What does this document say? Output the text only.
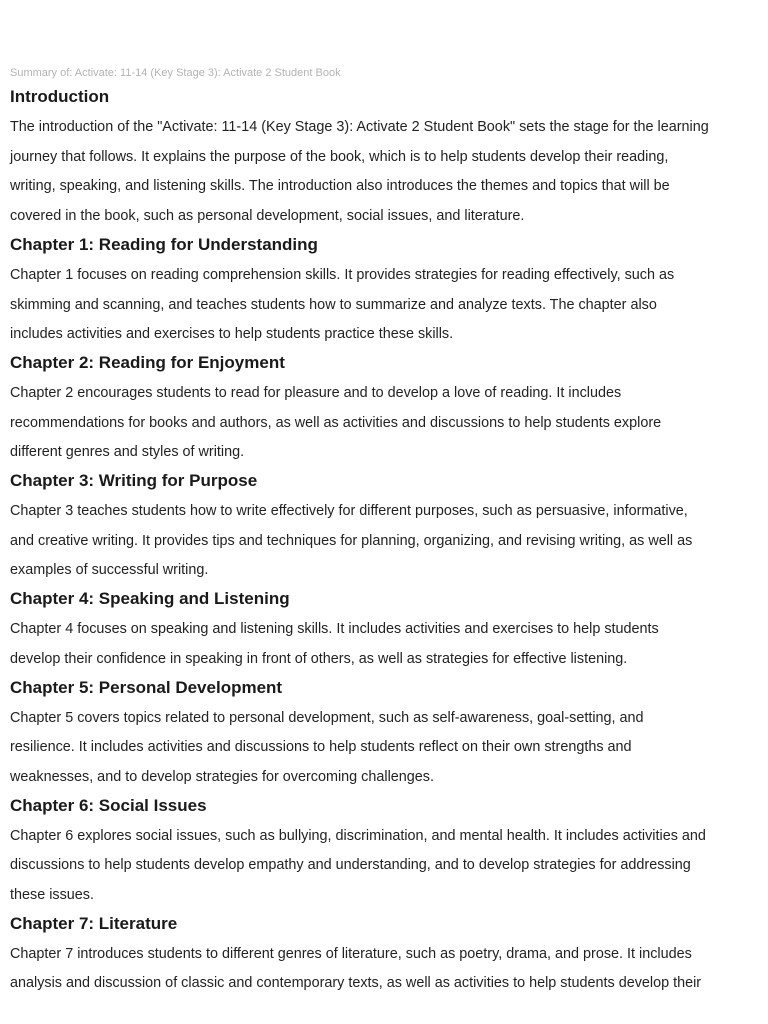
Summary of: Activate: 11-14 (Key Stage 3): Activate 2 Student Book
Introduction

The introduction of the "Activate: 11-14 (Key Stage 3): Activate 2 Student Book" sets the stage for the learning
journey that follows. It explains the purpose of the book, which is to help students develop their reading,
writing, speaking, and listening skills. The introduction also introduces the themes and topics that will be
covered in the book, such as personal development, social issues, and literature.

Chapter 1: Reading for Understanding

Chapter 1 focuses on reading comprehension skills. It provides strategies for reading effectively, such as
skimming and scanning, and teaches students how to summarize and analyze texts. The chapter also
includes activities and exercises to help students practice these skills.

Chapter 2: Reading for Enjoyment

Chapter 2 encourages students to read for pleasure and to develop a love of reading. It includes
recommendations for books and authors, as well as activities and discussions to help students explore
different genres and styles of writing.

Chapter 3: Writing for Purpose

Chapter 3 teaches students how to write effectively for different purposes, such as persuasive, informative,
and creative writing. It provides tips and techniques for planning, organizing, and revising writing, as well as
examples of successful writing.

Chapter 4: Speaking and Listening

Chapter 4 focuses on speaking and listening skills. It includes activities and exercises to help students
develop their confidence in speaking in front of others, as well as strategies for effective listening.

Chapter 5: Personal Development

Chapter 5 covers topics related to personal development, such as self-awareness, goal-setting, and
resilience. It includes activities and discussions to help students reflect on their own strengths and
weaknesses, and to develop strategies for overcoming challenges.

Chapter 6: Social Issues

Chapter 6 explores social issues, such as bullying, discrimination, and mental health. It includes activities and
discussions to help students develop empathy and understanding, and to develop strategies for addressing
these issues.

Chapter 7: Literature

Chapter 7 introduces students to different genres of literature, such as poetry, drama, and prose. It includes
analysis and discussion of classic and contemporary texts, as well as activities to help students develop their
